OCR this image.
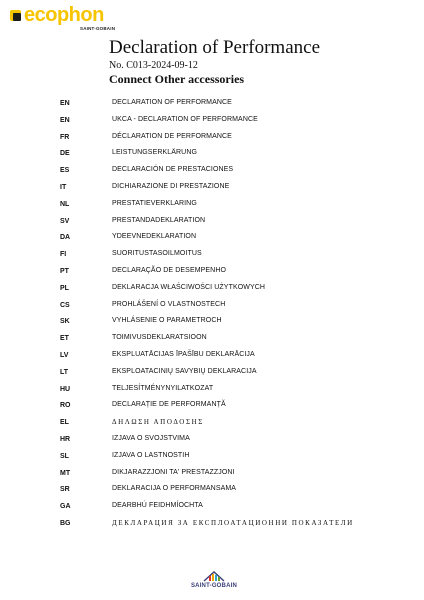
ecophon
SAINT-GOBAIN
Declaration of Performance
No. C013-2024-09-12
Connect Other accessories
EN	DECLARATION OF PERFORMANCE
EN	UKCA - DECLARATION OF PERFORMANCE
FR	DÉCLARATION DE PERFORMANCE
DE	LEISTUNGSERKLÄRUNG
ES	DECLARACIÓN DE PRESTACIONES
IT	DICHIARAZIONE DI PRESTAZIONE
NL	PRESTATIEVERKLARING
SV	PRESTANDADEKLARATION
DA	YDEEVNEDEKLARATION
FI	SUORITUSTASOILMOITUS
PT	DECLARAÇÃO DE DESEMPENHO
PL	DEKLARACJA WŁAŚCIWOŚCI UŻYTKOWYCH
CS	PROHLÁŠENÍ O VLASTNOSTECH
SK	VYHLÁSENIE O PARAMETROCH
ET	TOIMIVUSDEKLARATSIOON
LV	EKSPLUATĀCIJAS ĪPAŠĪBU DEKLARĀCIJA
LT	EKSPLOATACINIŲ SAVYBIŲ DEKLARACIJA
HU	TELJESÍTMÉNYNYILATKOZAT
RO	DECLARAȚIE DE PERFORMANȚĂ
EL	ΔΗΛΩΣΗ ΑΠΟΔΟΣΗΣ
HR	IZJAVA O SVOJSTVIMA
SL	IZJAVA O LASTNOSTIH
MT	DIKJARAZZJONI TA' PRESTAZZJONI
SR	DEKLARACIJA O PERFORMANSAMA
GA	DEARBHÚ FEIDHMÍOCHTA
BG	ДЕКЛАРАЦИЯ ЗА ЕКСПЛОАТАЦИОННИ ПОКАЗАТЕЛИ
SAINT-GOBAIN
